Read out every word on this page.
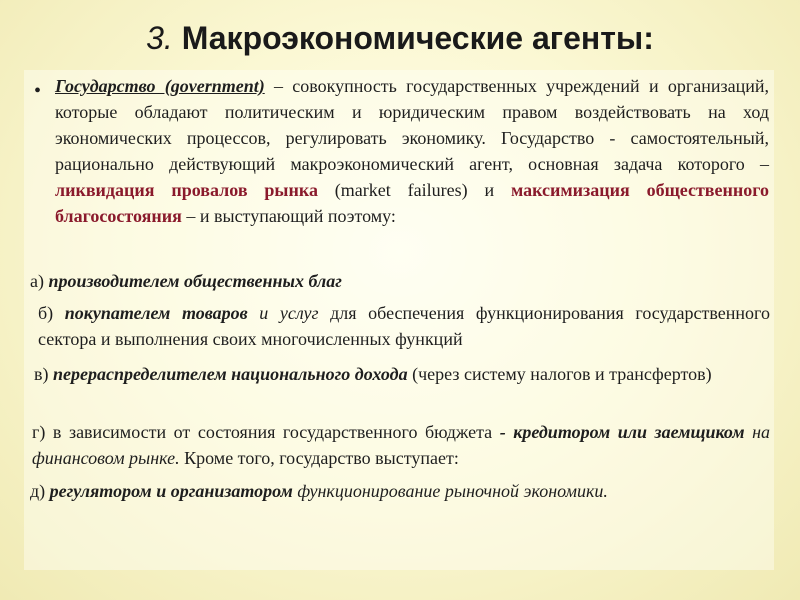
3. Макроэкономические агенты:
• Государство (government) – совокупность государственных учреждений и организаций, которые обладают политическим и юридическим правом воздействовать на ход экономических процессов, регулировать экономику. Государство - самостоятельный, рационально действующий макроэкономический агент, основная задача которого – ликвидация провалов рынка (market failures) и максимизация общественного благосостояния – и выступающий поэтому:

а) производителем общественных благ

б) покупателем товаров и услуг для обеспечения функционирования государственного сектора и выполнения своих многочисленных функций

в) перераспределителем национального дохода (через систему налогов и трансфертов)

г) в зависимости от состояния государственного бюджета - кредитором или заемщиком на финансовом рынке. Кроме того, государство выступает:

д) регулятором и организатором функционирование рыночной экономики.
